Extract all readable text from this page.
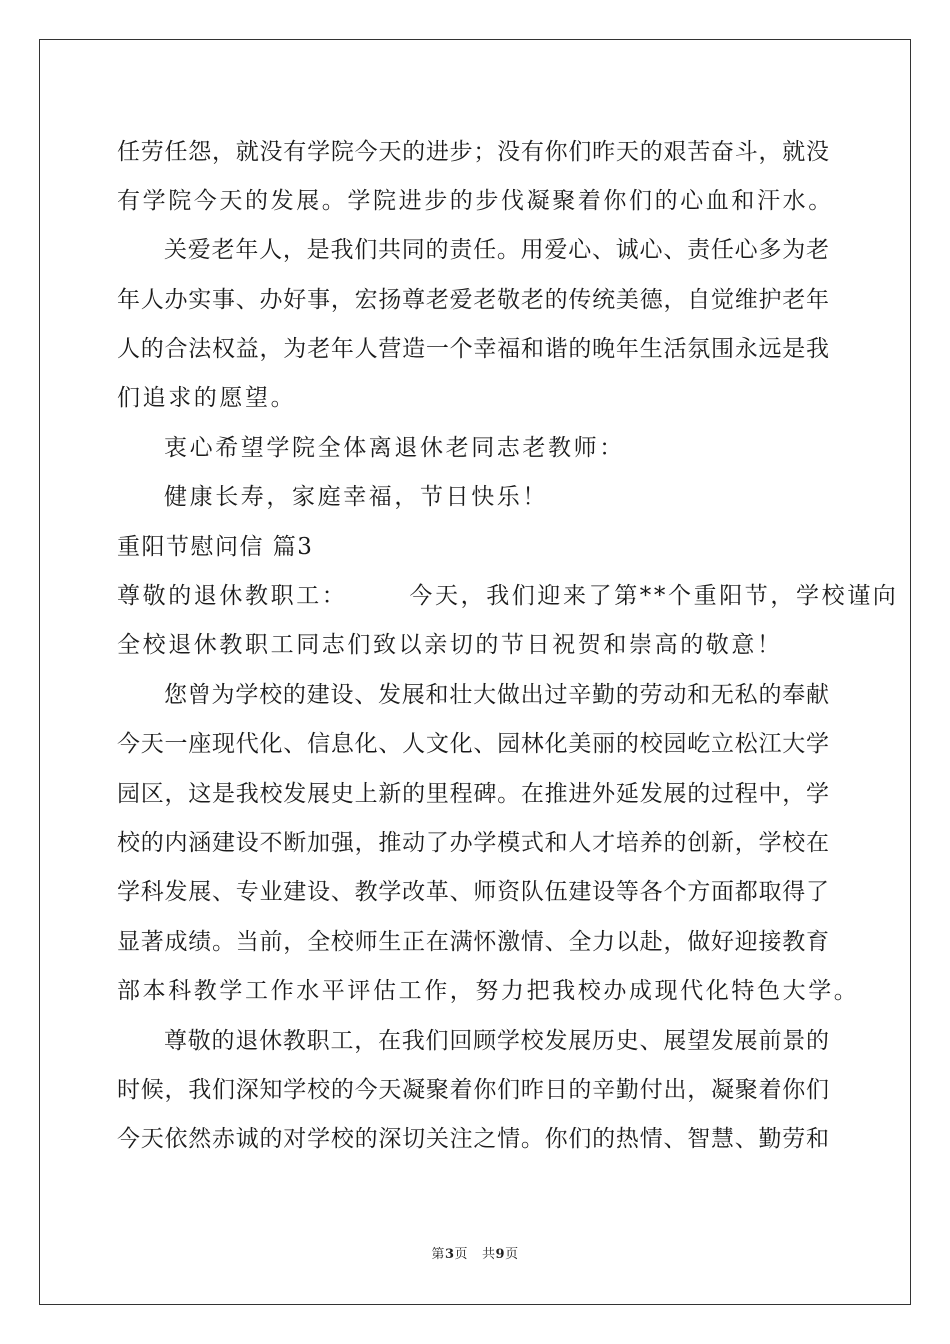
任劳任怨，就没有学院今天的进步；没有你们昨天的艰苦奋斗，就没
有学院今天的发展。学院进步的步伐凝聚着你们的心血和汗水。
关爱老年人，是我们共同的责任。用爱心、诚心、责任心多为老
年人办实事、办好事，宏扬尊老爱老敬老的传统美德，自觉维护老年
人的合法权益，为老年人营造一个幸福和谐的晚年生活氛围永远是我
们追求的愿望。
衷心希望学院全体离退休老同志老教师：
健康长寿，家庭幸福，节日快乐！
重阳节慰问信 篇3
尊敬的退休教职工：	今天，我们迎来了第**个重阳节，学校谨向
全校退休教职工同志们致以亲切的节日祝贺和崇高的敬意！
您曾为学校的建设、发展和壮大做出过辛勤的劳动和无私的奉献
今天一座现代化、信息化、人文化、园林化美丽的校园屹立松江大学
园区，这是我校发展史上新的里程碑。在推进外延发展的过程中，学
校的内涵建设不断加强，推动了办学模式和人才培养的创新，学校在
学科发展、专业建设、教学改革、师资队伍建设等各个方面都取得了
显著成绩。当前，全校师生正在满怀激情、全力以赴，做好迎接教育
部本科教学工作水平评估工作，努力把我校办成现代化特色大学。
尊敬的退休教职工，在我们回顾学校发展历史、展望发展前景的
时候，我们深知学校的今天凝聚着你们昨日的辛勤付出，凝聚着你们
今天依然赤诚的对学校的深切关注之情。你们的热情、智慧、勤劳和
第3页 共9页
